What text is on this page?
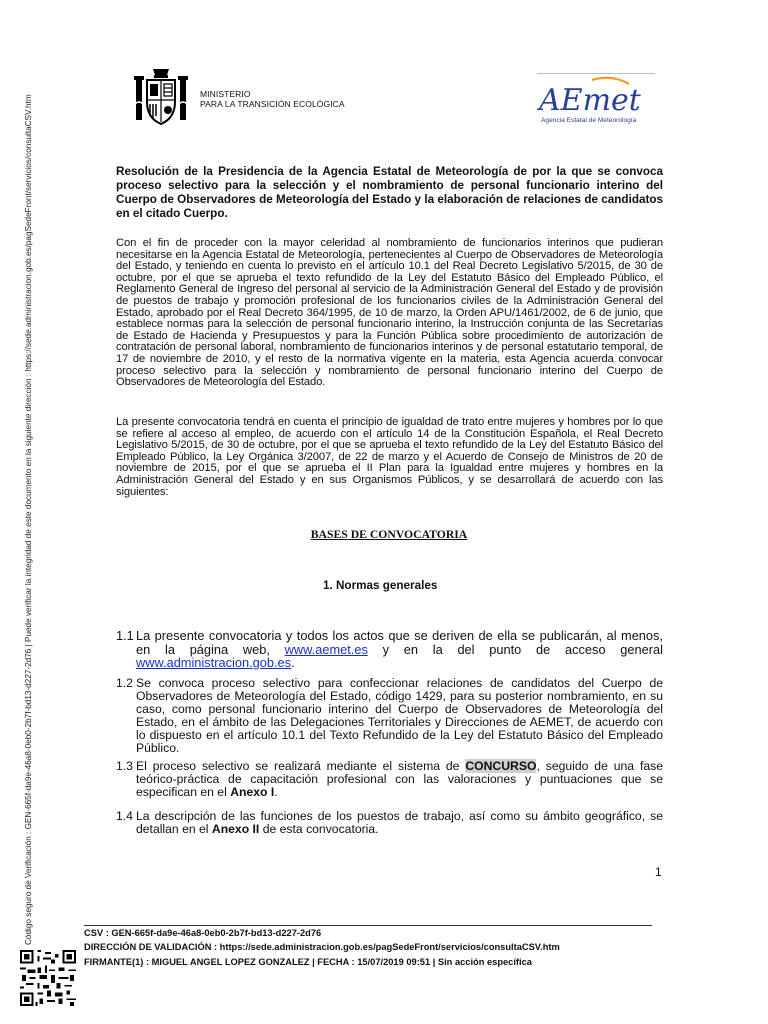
Código seguro de Verificación : GEN-665f-da9e-46a8-0eb0-2b7f-bd13-d227-2d76 | Puede verificar la integridad de este documento en la siguiente dirección : https://sede.administracion.gob.es/pagSedeFront/servicios/consultaCSV.htm
MINISTERIO
PARA LA TRANSICIÓN ECOLÓGICA	AEmet
Agencia Estatal de Meteorología
Resolución de la Presidencia de la Agencia Estatal de Meteorología de por la que se convoca proceso selectivo para la selección y el nombramiento de personal funcionario interino del Cuerpo de Observadores de Meteorología del Estado y la elaboración de relaciones de candidatos en el citado Cuerpo.
Con el fin de proceder con la mayor celeridad al nombramiento de funcionarios interinos que pudieran necesitarse en la Agencia Estatal de Meteorología, pertenecientes al Cuerpo de Observadores de Meteorología del Estado, y teniendo en cuenta lo previsto en el artículo 10.1 del Real Decreto Legislativo 5/2015, de 30 de octubre, por el que se aprueba el texto refundido de la Ley del Estatuto Básico del Empleado Público, el Reglamento General de Ingreso del personal al servicio de la Administración General del Estado y de provisión de puestos de trabajo y promoción profesional de los funcionarios civiles de la Administración General del Estado, aprobado por el Real Decreto 364/1995, de 10 de marzo, la Orden APU/1461/2002, de 6 de junio, que establece normas para la selección de personal funcionario interino, la Instrucción conjunta de las Secretarías de Estado de Hacienda y Presupuestos y para la Función Pública sobre procedimiento de autorización de contratación de personal laboral, nombramiento de funcionarios interinos y de personal estatutario temporal, de 17 de noviembre de 2010, y el resto de la normativa vigente en la materia, esta Agencia acuerda convocar proceso selectivo para la selección y nombramiento de personal funcionario interino del Cuerpo de Observadores de Meteorología del Estado.
La presente convocatoria tendrá en cuenta el principio de igualdad de trato entre mujeres y hombres por lo que se refiere al acceso al empleo, de acuerdo con el artículo 14 de la Constitución Española, el Real Decreto Legislativo 5/2015, de 30 de octubre, por el que se aprueba el texto refundido de la Ley del Estatuto Básico del Empleado Público, la Ley Orgánica 3/2007, de 22 de marzo y el Acuerdo de Consejo de Ministros de 20 de noviembre de 2015, por el que se aprueba el II Plan para la Igualdad entre mujeres y hombres en la Administración General del Estado y en sus Organismos Públicos, y se desarrollará de acuerdo con las siguientes:
BASES DE CONVOCATORIA
1. Normas generales
1.1 La presente convocatoria y todos los actos que se deriven de ella se publicarán, al menos, en la página web, www.aemet.es y en la del punto de acceso general www.administracion.gob.es.
1.2 Se convoca proceso selectivo para confeccionar relaciones de candidatos del Cuerpo de Observadores de Meteorología del Estado, código 1429, para su posterior nombramiento, en su caso, como personal funcionario interino del Cuerpo de Observadores de Meteorología del Estado, en el ámbito de las Delegaciones Territoriales y Direcciones de AEMET, de acuerdo con lo dispuesto en el artículo 10.1 del Texto Refundido de la Ley del Estatuto Básico del Empleado Público.
1.3 El proceso selectivo se realizará mediante el sistema de CONCURSO, seguido de una fase teórico-práctica de capacitación profesional con las valoraciones y puntuaciones que se especifican en el Anexo I.
1.4 La descripción de las funciones de los puestos de trabajo, así como su ámbito geográfico, se detallan en el Anexo II de esta convocatoria.
1
CSV : GEN-665f-da9e-46a8-0eb0-2b7f-bd13-d227-2d76
DIRECCIÓN DE VALIDACIÓN : https://sede.administracion.gob.es/pagSedeFront/servicios/consultaCSV.htm
FIRMANTE(1) : MIGUEL ANGEL LOPEZ GONZALEZ | FECHA : 15/07/2019 09:51 | Sin acción específica
